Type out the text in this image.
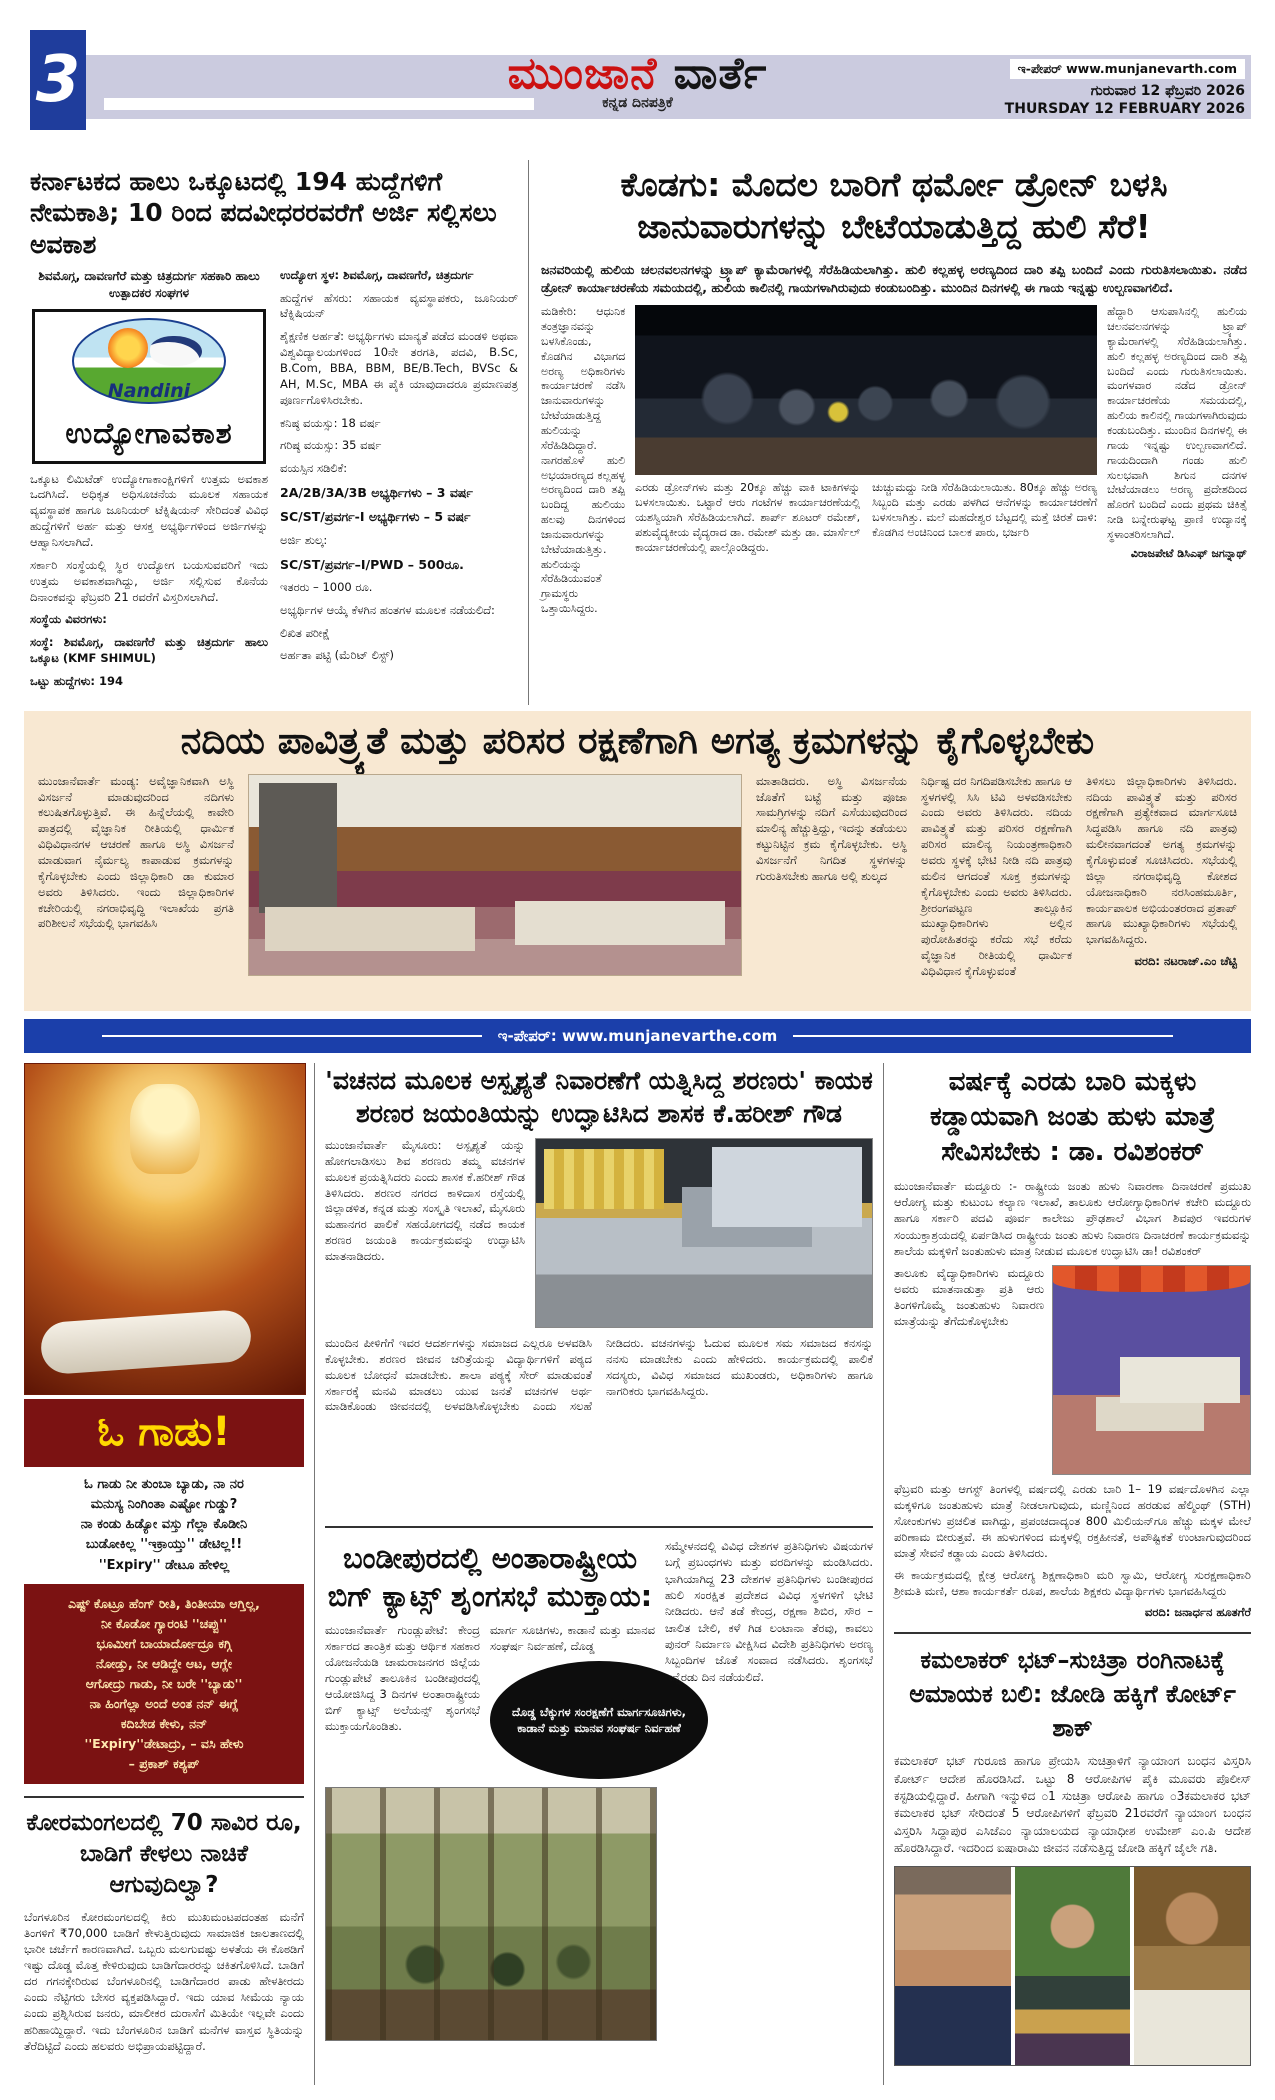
3	ಮುಂಜಾನೆ ವಾರ್ತೆ
ಕನ್ನಡ ದಿನಪತ್ರಿಕೆ
ಇ-ಪೇಪರ್ www.munjanevarth.com
ಗುರುವಾರ 12 ಫೆಬ್ರವರಿ 2026
THURSDAY 12 FEBRUARY 2026
ಕರ್ನಾಟಕದ ಹಾಲು ಒಕ್ಕೂಟದಲ್ಲಿ 194 ಹುದ್ದೆಗಳಿಗೆ ನೇಮಕಾತಿ; 10 ರಿಂದ ಪದವೀಧರರವರೆಗೆ ಅರ್ಜಿ ಸಲ್ಲಿಸಲು ಅವಕಾಶ
ಶಿವಮೊಗ್ಗ, ದಾವಣಗೆರೆ ಮತ್ತು ಚಿತ್ರದುರ್ಗ ಸಹಕಾರಿ ಹಾಲು ಉತ್ಪಾದಕರ ಸಂಘಗಳ
Nandini
ಉದ್ಯೋಗಾವಕಾಶ

ಒಕ್ಕೂಟ ಲಿಮಿಟೆಡ್ ಉದ್ಯೋಗಾಕಾಂಕ್ಷಿಗಳಿಗೆ ಉತ್ತಮ ಅವಕಾಶ ಒದಗಿಸಿದೆ. ಅಧಿಕೃತ ಅಧಿಸೂಚನೆಯ ಮೂಲಕ ಸಹಾಯಕ ವ್ಯವಸ್ಥಾಪಕ ಹಾಗೂ ಜೂನಿಯರ್ ಟೆಕ್ನಿಷಿಯನ್ ಸೇರಿದಂತೆ ವಿವಿಧ ಹುದ್ದೆಗಳಿಗೆ ಅರ್ಹ ಮತ್ತು ಆಸಕ್ತ ಅಭ್ಯರ್ಥಿಗಳಿಂದ ಅರ್ಜಿಗಳನ್ನು ಆಹ್ವಾನಿಸಲಾಗಿದೆ.

ಸರ್ಕಾರಿ ಸಂಸ್ಥೆಯಲ್ಲಿ ಸ್ಥಿರ ಉದ್ಯೋಗ ಬಯಸುವವರಿಗೆ ಇದು ಉತ್ತಮ ಅವಕಾಶವಾಗಿದ್ದು, ಅರ್ಜಿ ಸಲ್ಲಿಸುವ ಕೊನೆಯ ದಿನಾಂಕವನ್ನು ಫೆಬ್ರವರಿ 21 ರವರೆಗೆ ವಿಸ್ತರಿಸಲಾಗಿದೆ.

ಸಂಸ್ಥೆಯ ವಿವರಗಳು:

ಸಂಸ್ಥೆ: ಶಿವಮೊಗ್ಗ, ದಾವಣಗೆರೆ ಮತ್ತು ಚಿತ್ರದುರ್ಗ ಹಾಲು ಒಕ್ಕೂಟ (KMF SHIMUL)

ಒಟ್ಟು ಹುದ್ದೆಗಳು: 194

ಉದ್ಯೋಗ ಸ್ಥಳ: ಶಿವಮೊಗ್ಗ, ದಾವಣಗೆರೆ, ಚಿತ್ರದುರ್ಗ

ಹುದ್ದೆಗಳ ಹೆಸರು: ಸಹಾಯಕ ವ್ಯವಸ್ಥಾಪಕರು, ಜೂನಿಯರ್ ಟೆಕ್ನಿಷಿಯನ್

ಶೈಕ್ಷಣಿಕ ಅರ್ಹತೆ: ಅಭ್ಯರ್ಥಿಗಳು ಮಾನ್ಯತೆ ಪಡೆದ ಮಂಡಳಿ ಅಥವಾ ವಿಶ್ವವಿದ್ಯಾಲಯಗಳಿಂದ 10ನೇ ತರಗತಿ, ಪದವಿ, B.Sc, B.Com, BBA, BBM, BE/B.Tech, BVSc & AH, M.Sc, MBA ಈ ಪೈಕಿ ಯಾವುದಾದರೂ ಪ್ರಮಾಣಪತ್ರ ಪೂರ್ಣಗೊಳಿಸಿರಬೇಕು.

ಕನಿಷ್ಠ ವಯಸ್ಸು: 18 ವರ್ಷ

ಗರಿಷ್ಠ ವಯಸ್ಸು: 35 ವರ್ಷ

ವಯಸ್ಸಿನ ಸಡಿಲಿಕೆ:

2A/2B/3A/3B ಅಭ್ಯರ್ಥಿಗಳು – 3 ವರ್ಷ

SC/ST/ಪ್ರವರ್ಗ-I ಅಭ್ಯರ್ಥಿಗಳು – 5 ವರ್ಷ

ಅರ್ಜಿ ಶುಲ್ಕ:

SC/ST/ಪ್ರವರ್ಗ–I/PWD – 500ರೂ.

ಇತರರು – 1000 ರೂ.

ಅಭ್ಯರ್ಥಿಗಳ ಆಯ್ಕೆ ಕೆಳಗಿನ ಹಂತಗಳ ಮೂಲಕ ನಡೆಯಲಿದೆ:

ಲಿಖಿತ ಪರೀಕ್ಷೆ

ಅರ್ಹತಾ ಪಟ್ಟಿ (ಮೆರಿಟ್ ಲಿಸ್ಟ್)

ಕೊಡಗು: ಮೊದಲ ಬಾರಿಗೆ ಥರ್ಮೋ ಡ್ರೋನ್ ಬಳಸಿ ಜಾನುವಾರುಗಳನ್ನು ಬೇಟೆಯಾಡುತ್ತಿದ್ದ ಹುಲಿ ಸೆರೆ!

ಜನವರಿಯಲ್ಲಿ ಹುಲಿಯ ಚಲನವಲನಗಳನ್ನು ಟ್ರ್ಯಾಪ್ ಕ್ಯಾಮೆರಾಗಳಲ್ಲಿ ಸೆರೆಹಿಡಿಯಲಾಗಿತ್ತು. ಹುಲಿ ಕಲ್ಲಹಳ್ಳ ಅರಣ್ಯದಿಂದ ದಾರಿ ತಪ್ಪಿ ಬಂದಿದೆ ಎಂದು ಗುರುತಿಸಲಾಯಿತು. ನಡೆದ ಡ್ರೋನ್ ಕಾರ್ಯಾಚರಣೆಯ ಸಮಯದಲ್ಲಿ, ಹುಲಿಯ ಕಾಲಿನಲ್ಲಿ ಗಾಯಗಳಾಗಿರುವುದು ಕಂಡುಬಂದಿತ್ತು. ಮುಂದಿನ ದಿನಗಳಲ್ಲಿ ಈ ಗಾಯ ಇನ್ನಷ್ಟು ಉಲ್ಬಣವಾಗಲಿದೆ.

ಮಡಿಕೇರಿ: ಆಧುನಿಕ ತಂತ್ರಜ್ಞಾನವನ್ನು ಬಳಸಿಕೊಂಡು, ಕೊಡಗಿನ ವಿಭಾಗದ ಅರಣ್ಯ ಅಧಿಕಾರಿಗಳು ಕಾರ್ಯಾಚರಣೆ ನಡೆಸಿ ಜಾನುವಾರುಗಳನ್ನು ಬೇಟೆಯಾಡುತ್ತಿದ್ದ ಹುಲಿಯನ್ನು ಸೆರೆಹಿಡಿದಿದ್ದಾರೆ. ನಾಗರಹೊಳೆ ಹುಲಿ ಅಭಯಾರಣ್ಯದ ಕಲ್ಲಹಳ್ಳ ಅರಣ್ಯದಿಂದ ದಾರಿ ತಪ್ಪಿ ಬಂದಿದ್ದ ಹುಲಿಯು ಹಲವು ದಿನಗಳಿಂದ ಜಾನುವಾರುಗಳನ್ನು ಬೇಟೆಯಾಡುತ್ತಿತ್ತು. ಹುಲಿಯನ್ನು ಸೆರೆಹಿಡಿಯುವಂತೆ ಗ್ರಾಮಸ್ಥರು ಒತ್ತಾಯಿಸಿದ್ದರು.
ಎರಡು ಡ್ರೋನ್‌ಗಳು ಮತ್ತು 20ಕ್ಕೂ ಹೆಚ್ಚು ವಾಕಿ ಟಾಕಿಗಳನ್ನು ಬಳಸಲಾಯಿತು. ಒಟ್ಟಾರೆ ಆರು ಗಂಟೆಗಳ ಕಾರ್ಯಾಚರಣೆಯಲ್ಲಿ ಯಶಸ್ವಿಯಾಗಿ ಸೆರೆಹಿಡಿಯಲಾಗಿದೆ. ಶಾರ್ಪ್ ಶೂಟರ್ ರಮೇಶ್, ಪಶುವೈದ್ಯಕೀಯ ವೈದ್ಯರಾದ ಡಾ. ರಮೇಶ್ ಮತ್ತು ಡಾ. ಮಾರ್ಸೆಲ್ ಕಾರ್ಯಾಚರಣೆಯಲ್ಲಿ ಪಾಲ್ಗೊಂಡಿದ್ದರು.
ಚುಚ್ಚುಮದ್ದು ನೀಡಿ ಸೆರೆಹಿಡಿಯಲಾಯಿತು. 80ಕ್ಕೂ ಹೆಚ್ಚು ಅರಣ್ಯ ಸಿಬ್ಬಂದಿ ಮತ್ತು ಎರಡು ಪಳಗಿದ ಆನೆಗಳನ್ನು ಕಾರ್ಯಾಚರಣೆಗೆ ಬಳಸಲಾಗಿತ್ತು. ಮಲೆ ಮಹದೇಶ್ವರ ಬೆಟ್ಟದಲ್ಲಿ ಮತ್ತೆ ಚಿರತೆ ದಾಳಿ: ಕೊಡಗಿನ ಅಂಚಿನಿಂದ ಬಾಲಕ ಪಾರು, ಭರ್ಜರಿ
ಹೆದ್ದಾರಿ ಆಸುಪಾಸಿನಲ್ಲಿ ಹುಲಿಯ ಚಲನವಲನಗಳನ್ನು ಟ್ರ್ಯಾಪ್ ಕ್ಯಾಮೆರಾಗಳಲ್ಲಿ ಸೆರೆಹಿಡಿಯಲಾಗಿತ್ತು. ಹುಲಿ ಕಲ್ಲಹಳ್ಳ ಅರಣ್ಯದಿಂದ ದಾರಿ ತಪ್ಪಿ ಬಂದಿದೆ ಎಂದು ಗುರುತಿಸಲಾಯಿತು. ಮಂಗಳವಾರ ನಡೆದ ಡ್ರೋನ್ ಕಾರ್ಯಾಚರಣೆಯ ಸಮಯದಲ್ಲಿ, ಹುಲಿಯ ಕಾಲಿನಲ್ಲಿ ಗಾಯಗಳಾಗಿರುವುದು ಕಂಡುಬಂದಿತ್ತು. ಮುಂದಿನ ದಿನಗಳಲ್ಲಿ ಈ ಗಾಯ ಇನ್ನಷ್ಟು ಉಲ್ಬಣವಾಗಲಿದೆ. ಗಾಯದಿಂದಾಗಿ ಗಂಡು ಹುಲಿ ಸುಲಭವಾಗಿ ಶಿಗುನ ದನಗಳ ಬೇಟೆಯಾಡಲು ಅರಣ್ಯ ಪ್ರದೇಶದಿಂದ ಹೊರಗೆ ಬಂದಿದೆ ಎಂದು ಪ್ರಥಮ ಚಿಕಿತ್ಸೆ ನೀಡಿ ಬನ್ನೇರುಘಟ್ಟ ಪ್ರಾಣಿ ಉದ್ಯಾನಕ್ಕೆ ಸ್ಥಳಾಂತರಿಸಲಾಗಿದೆ.
ವಿರಾಜಪೇಟೆ ಡಿಸಿಎಫ್ ಜಗನ್ನಾಥ್
ನದಿಯ ಪಾವಿತ್ರ್ಯತೆ ಮತ್ತು ಪರಿಸರ ರಕ್ಷಣೆಗಾಗಿ ಅಗತ್ಯ ಕ್ರಮಗಳನ್ನು ಕೈಗೊಳ್ಳಬೇಕು
ಮುಂಜಾನೆವಾರ್ತೆ ಮಂಡ್ಯ: ಅವೈಜ್ಞಾನಿಕವಾಗಿ ಅಸ್ಥಿ ವಿಸರ್ಜನೆ ಮಾಡುವುದರಿಂದ ನದಿಗಳು ಕಲುಷಿತಗೊಳ್ಳುತ್ತಿವೆ. ಈ ಹಿನ್ನೆಲೆಯಲ್ಲಿ ಕಾವೇರಿ ಪಾತ್ರದಲ್ಲಿ ವೈಜ್ಞಾನಿಕ ರೀತಿಯಲ್ಲಿ ಧಾರ್ಮಿಕ ವಿಧಿವಿಧಾನಗಳ ಆಚರಣೆ ಹಾಗೂ ಅಸ್ಥಿ ವಿಸರ್ಜನೆ ಮಾಡುವಾಗ ನೈರ್ಮಲ್ಯ ಕಾಪಾಡುವ ಕ್ರಮಗಳನ್ನು ಕೈಗೊಳ್ಳಬೇಕು ಎಂದು ಜಿಲ್ಲಾಧಿಕಾರಿ ಡಾ ಕುಮಾರ ಅವರು ತಿಳಿಸಿದರು. ಇಂದು ಜಿಲ್ಲಾಧಿಕಾರಿಗಳ ಕಚೇರಿಯಲ್ಲಿ ನಗರಾಭಿವೃದ್ಧಿ ಇಲಾಖೆಯ ಪ್ರಗತಿ ಪರಿಶೀಲನೆ ಸಭೆಯಲ್ಲಿ ಭಾಗವಹಿಸಿ
ಮಾತಾಡಿದರು. ಅಸ್ಥಿ ವಿಸರ್ಜನೆಯ ಜೊತೆಗೆ ಬಟ್ಟೆ ಮತ್ತು ಪೂಜಾ ಸಾಮಗ್ರಿಗಳನ್ನು ನದಿಗೆ ಎಸೆಯುವುದರಿಂದ ಮಾಲಿನ್ಯ ಹೆಚ್ಚುತ್ತಿದ್ದು, ಇದನ್ನು ತಡೆಯಲು ಕಟ್ಟುನಿಟ್ಟಿನ ಕ್ರಮ ಕೈಗೊಳ್ಳಬೇಕು. ಅಸ್ಥಿ ವಿಸರ್ಜನೆಗೆ ನಿಗದಿತ ಸ್ಥಳಗಳನ್ನು ಗುರುತಿಸಬೇಕು ಹಾಗೂ ಅಲ್ಲಿ ಶುಲ್ಕದ
ನಿರ್ಧಿಷ್ಟ ದರ ನಿಗದಿಪಡಿಸಬೇಕು ಹಾಗೂ ಆ ಸ್ಥಳಗಳಲ್ಲಿ ಸಿಸಿ ಟಿವಿ ಅಳವಡಿಸಬೇಕು ಎಂದು ಅವರು ತಿಳಿಸಿದರು. ನದಿಯ ಪಾವಿತ್ರ್ಯತೆ ಮತ್ತು ಪರಿಸರ ರಕ್ಷಣೆಗಾಗಿ ಪರಿಸರ ಮಾಲಿನ್ಯ ನಿಯಂತ್ರಣಾಧಿಕಾರಿ ಅವರು ಸ್ಥಳಕ್ಕೆ ಭೇಟಿ ನೀಡಿ ನದಿ ಪಾತ್ರವು ಮಲಿನ ಆಗದಂತೆ ಸೂಕ್ತ ಕ್ರಮಗಳನ್ನು ಕೈಗೊಳ್ಳಬೇಕು ಎಂದು ಅವರು ತಿಳಿಸಿದರು. ಶ್ರೀರಂಗಪಟ್ಟಣ ತಾಲ್ಲೂಕಿನ ಮುಖ್ಯಾಧಿಕಾರಿಗಳು ಅಲ್ಲಿನ ಪುರೋಹಿತರನ್ನು ಕರೆದು ಸಭೆ ಕರೆದು ವೈಜ್ಞಾನಿಕ ರೀತಿಯಲ್ಲಿ ಧಾರ್ಮಿಕ ವಿಧಿವಿಧಾನ ಕೈಗೊಳ್ಳುವಂತೆ
ತಿಳಿಸಲು ಜಿಲ್ಲಾಧಿಕಾರಿಗಳು ತಿಳಿಸಿದರು. ನದಿಯ ಪಾವಿತ್ರ್ಯತೆ ಮತ್ತು ಪರಿಸರ ರಕ್ಷಣೆಗಾಗಿ ಪ್ರತ್ಯೇಕವಾದ ಮಾರ್ಗಸೂಚಿ ಸಿದ್ಧಪಡಿಸಿ ಹಾಗೂ ನದಿ ಪಾತ್ರವು ಮಲೀನವಾಗದಂತೆ ಅಗತ್ಯ ಕ್ರಮಗಳನ್ನು ಕೈಗೊಳ್ಳುವಂತೆ ಸೂಚಿಸಿದರು. ಸಭೆಯಲ್ಲಿ ಜಿಲ್ಲಾ ನಗರಾಭಿವೃದ್ಧಿ ಕೋಶದ ಯೋಜನಾಧಿಕಾರಿ ನರಸಿಂಹಮೂರ್ತಿ, ಕಾರ್ಯಪಾಲಕ ಅಭಿಯಂತರರಾದ ಪ್ರತಾಪ್ ಹಾಗೂ ಮುಖ್ಯಾಧಿಕಾರಿಗಳು ಸಭೆಯಲ್ಲಿ ಭಾಗವಹಿಸಿದ್ದರು.
ವರದಿ: ನಟರಾಜ್.ಎಂ ಚೆಟ್ಟಿ
ಇ-ಪೇಪರ್: www.munjanevarthe.com
ಓ ಗಾಡು!
ಓ ಗಾಡು ನೀ ತುಂಬಾ ಬ್ಯಾಡು, ನಾ ನರ
ಮನುಸ್ಯ ನಿಂಗಿಂತಾ ಎಷ್ಟೋ ಗುಡ್ಡು?
ನಾ ಕಂಡು ಹಿಡ್ಯೋ ವಸ್ತು ಗೆಲ್ಲಾ ಕೊಡೀನಿ
ಬುಡೋಕಿಲ್ಲ ''ಇಕ್ರಾಯ್ತು'' ಡೇಟಿಲ್ಲ!!
''Expiry'' ಡೇಟೂ ಹೇಳಿಲ್ಲ
ಎಷ್ಟ್ ಕೊಟ್ರೂ ಹೆಂಗ್ ರೀತಿ, ತಿಂತೀಯಾ ಆಗ್ತಿಲ್ಲ,
ನೀ ಕೊಡೋ ಗ್ಯಾರಂಟಿ ''ಚಪ್ಪು''
ಭೂಮೀಗೆ ಬಾಯಾರ್ದೋದ್ರೂ ಕಗ್ಗಿ
ನೋಡ್ತು, ನೀ ಆಡಿದ್ದೇ ಆಟ, ಆಗ್ಲೇ
ಆಗೋದ್ರು ಗಾಡು, ನೀ ಬರೇ ''ಬ್ಯಾಡು''
ನಾ ಹಿಂಗೆಲ್ಲಾ ಅಂದೆ ಅಂತ ನನ್ ಈಗ್ಲೆ
ಕದಿಬೇಡ ಕೇಳು, ನನ್
''Expiry''ಡೇಟಾದ್ರು, – ವಸಿ ಹೇಳು
– ಪ್ರಕಾಶ್ ಕಶ್ಯಪ್
ಕೋರಮಂಗಲದಲ್ಲಿ 70 ಸಾವಿರ ರೂ, ಬಾಡಿಗೆ ಕೇಳಲು ನಾಚಿಕೆ ಆಗುವುದಿಲ್ವಾ?

ಬೆಂಗಳೂರಿನ ಕೋರಮಂಗಲದಲ್ಲಿ ಕಿರು ಮುಖಮಂಟಪದಂತಹ ಮನೆಗೆ ತಿಂಗಳಿಗೆ ₹70,000 ಬಾಡಿಗೆ ಕೇಳುತ್ತಿರುವುದು ಸಾಮಾಜಿಕ ಜಾಲತಾಣದಲ್ಲಿ ಭಾರೀ ಚರ್ಚೆಗೆ ಕಾರಣವಾಗಿದೆ. ಒಬ್ಬರು ಮಲಗುವಷ್ಟು ಅಳತೆಯ ಈ ಕೊಠಡಿಗೆ ಇಷ್ಟು ದೊಡ್ಡ ಮೊತ್ತ ಕೇಳಿರುವುದು ಬಾಡಿಗೆದಾರರನ್ನು ಚಕಿತಗೊಳಿಸಿದೆ. ಬಾಡಿಗೆ ದರ ಗಗನಕ್ಕೇರಿರುವ ಬೆಂಗಳೂರಿನಲ್ಲಿ ಬಾಡಿಗೆದಾರರ ಪಾಡು ಹೇಳತೀರದು ಎಂದು ನೆಟ್ಟಿಗರು ಬೇಸರ ವ್ಯಕ್ತಪಡಿಸಿದ್ದಾರೆ. ಇದು ಯಾವ ಸೀಮೆಯ ನ್ಯಾಯ ಎಂದು ಪ್ರಶ್ನಿಸಿರುವ ಜನರು, ಮಾಲೀಕರ ದುರಾಸೆಗೆ ಮಿತಿಯೇ ಇಲ್ಲವೇ ಎಂದು ಹರಿಹಾಯ್ದಿದ್ದಾರೆ. ಇದು ಬೆಂಗಳೂರಿನ ಬಾಡಿಗೆ ಮನೆಗಳ ವಾಸ್ತವ ಸ್ಥಿತಿಯನ್ನು ತೆರೆದಿಟ್ಟಿದೆ ಎಂದು ಹಲವರು ಅಭಿಪ್ರಾಯಪಟ್ಟಿದ್ದಾರೆ.

'ವಚನದ ಮೂಲಕ ಅಸ್ಪೃಶ್ಯತೆ ನಿವಾರಣೆಗೆ ಯತ್ನಿಸಿದ್ದ ಶರಣರು' ಕಾಯಕ ಶರಣರ ಜಯಂತಿಯನ್ನು ಉದ್ಘಾಟಿಸಿದ ಶಾಸಕ ಕೆ.ಹರೀಶ್ ಗೌಡ
ಮುಂಜಾನೆವಾರ್ತೆ ಮೈಸೂರು: ಅಸ್ಪೃಶ್ಯತೆ ಯನ್ನು ಹೋಗಲಾಡಿಸಲು ಶಿವ ಶರಣರು ತಮ್ಮ ವಚನಗಳ ಮೂಲಕ ಪ್ರಯತ್ನಿಸಿದರು ಎಂದು ಶಾಸಕ ಕೆ.ಹರೀಶ್ ಗೌಡ ತಿಳಿಸಿದರು. ಶರಣರ ನಗರದ ಕಾಳಿದಾಸ ರಸ್ತೆಯಲ್ಲಿ ಜಿಲ್ಲಾಡಳಿತ, ಕನ್ನಡ ಮತ್ತು ಸಂಸ್ಕೃತಿ ಇಲಾಖೆ, ಮೈಸೂರು ಮಹಾನಗರ ಪಾಲಿಕೆ ಸಹಯೋಗದಲ್ಲಿ ನಡೆದ ಕಾಯಕ ಶರಣರ ಜಯಂತಿ ಕಾರ್ಯಕ್ರಮವನ್ನು ಉದ್ಘಾಟಿಸಿ ಮಾತನಾಡಿದರು.
ಮುಂದಿನ ಪೀಳಿಗೆಗೆ ಇವರ ಆದರ್ಶಗಳನ್ನು ಸಮಾಜದ ಎಲ್ಲರೂ ಅಳವಡಿಸಿ ಕೊಳ್ಳಬೇಕು. ಶರಣರ ಜೀವನ ಚರಿತ್ರೆಯನ್ನು ವಿದ್ಯಾರ್ಥಿಗಳಿಗೆ ಪಠ್ಯದ ಮೂಲಕ ಬೋಧನೆ ಮಾಡಬೇಕು. ಶಾಲಾ ಪಠ್ಯಕ್ಕೆ ಸೇರ್ ಮಾಡುವಂತೆ ಸರ್ಕಾರಕ್ಕೆ ಮನವಿ ಮಾಡಲು ಯುವ ಜನತೆ ವಚನಗಳ ಅರ್ಥ ಮಾಡಿಕೊಂಡು ಜೀವನದಲ್ಲಿ ಅಳವಡಿಸಿಕೊಳ್ಳಬೇಕು ಎಂದು ಸಲಹೆ ನೀಡಿದರು. ವಚನಗಳನ್ನು ಓದುವ ಮೂಲಕ ಸಮ ಸಮಾಜದ ಕನಸನ್ನು ನನಸು ಮಾಡಬೇಕು ಎಂದು ಹೇಳಿದರು. ಕಾರ್ಯಕ್ರಮದಲ್ಲಿ ಪಾಲಿಕೆ ಸದಸ್ಯರು, ವಿವಿಧ ಸಮಾಜದ ಮುಖಂಡರು, ಅಧಿಕಾರಿಗಳು ಹಾಗೂ ನಾಗರಿಕರು ಭಾಗವಹಿಸಿದ್ದರು.
ಬಂಡೀಪುರದಲ್ಲಿ ಅಂತಾರಾಷ್ಟ್ರೀಯ ಬಿಗ್ ಕ್ಯಾಟ್ಸ್ ಶೃಂಗಸಭೆ ಮುಕ್ತಾಯ:
ಮುಂಜಾನೆವಾರ್ತೆ ಗುಂಡ್ಲುಪೇಟೆ: ಕೇಂದ್ರ ಸರ್ಕಾರದ ತಾಂತ್ರಿಕ ಮತ್ತು ಆರ್ಥಿಕ ಸಹಕಾರ ಯೋಜನೆಯಡಿ ಚಾಮರಾಜನಗರ ಜಿಲ್ಲೆಯ ಗುಂಡ್ಲುಪೇಟೆ ತಾಲೂಕಿನ ಬಂಡೀಪುರದಲ್ಲಿ ಆಯೋಜಿಸಿದ್ದ 3 ದಿನಗಳ ಅಂತಾರಾಷ್ಟ್ರೀಯ ಬಿಗ್ ಕ್ಯಾಟ್ಸ್ ಅಲೆಯನ್ಸ್ ಶೃಂಗಸಭೆ ಮುಕ್ತಾಯಗೊಂಡಿತು.
ಮಾರ್ಗ ಸೂಚಿಗಳು, ಕಾಡಾನೆ ಮತ್ತು ಮಾನವ ಸಂಘರ್ಷ ನಿರ್ವಹಣೆ, ದೊಡ್ಡ
ದೊಡ್ಡ ಬೆಕ್ಕುಗಳ ಸಂರಕ್ಷಣೆಗೆ ಮಾರ್ಗಸೂಚಿಗಳು, ಕಾಡಾನೆ ಮತ್ತು ಮಾನವ ಸಂಘರ್ಷ ನಿರ್ವಹಣೆ
ಸಮ್ಮೇಳನದಲ್ಲಿ ವಿವಿಧ ದೇಶಗಳ ಪ್ರತಿನಿಧಿಗಳು ವಿಷಯಗಳ ಬಗ್ಗೆ ಪ್ರಬಂಧಗಳು ಮತ್ತು ವರದಿಗಳನ್ನು ಮಂಡಿಸಿದರು. ಭಾಗಿಯಾಗಿದ್ದ 23 ದೇಶಗಳ ಪ್ರತಿನಿಧಿಗಳು ಬಂಡೀಪುರದ ಹುಲಿ ಸಂರಕ್ಷಿತ ಪ್ರದೇಶದ ವಿವಿಧ ಸ್ಥಳಗಳಿಗೆ ಭೇಟಿ ನೀಡಿದರು. ಆನೆ ತಡೆ ಕೇಂದ್ರ, ರಕ್ಷಣಾ ಶಿಬಿರ, ಸೌರ – ಚಾಲಿತ ಬೇಲಿ, ಕಳೆ ಗಿಡ ಲಂಟಾನಾ ತೆರವು, ಕಾವಲು ಪುನರ್ ನಿರ್ಮಾಣ ವೀಕ್ಷಿಸಿದ ವಿದೇಶಿ ಪ್ರತಿನಿಧಿಗಳು ಅರಣ್ಯ ಸಿಬ್ಬಂದಿಗಳ ಜೊತೆ ಸಂವಾದ ನಡೆಸಿದರು. ಶೃಂಗಸಭೆ ಇನ್ನೆರಡು ದಿನ ನಡೆಯಲಿದೆ.
ವರ್ಷಕ್ಕೆ ಎರಡು ಬಾರಿ ಮಕ್ಕಳು ಕಡ್ಡಾಯವಾಗಿ ಜಂತು ಹುಳು ಮಾತ್ರೆ ಸೇವಿಸಬೇಕು : ಡಾ. ರವಿಶಂಕರ್

ಮುಂಜಾನೆವಾರ್ತೆ ಮದ್ದೂರು :- ರಾಷ್ಟ್ರೀಯ ಜಂತು ಹುಳು ನಿವಾರಣಾ ದಿನಾಚರಣೆ ಪ್ರಮುಖ ಆರೋಗ್ಯ ಮತ್ತು ಕುಟುಂಬ ಕಲ್ಯಾಣ ಇಲಾಖೆ, ತಾಲೂಕು ಆರೋಗ್ಯಾಧಿಕಾರಿಗಳ ಕಚೇರಿ ಮದ್ದೂರು ಹಾಗೂ ಸರ್ಕಾರಿ ಪದವಿ ಪೂರ್ವ ಕಾಲೇಜು ಪ್ರೌಢಶಾಲೆ ವಿಭಾಗ ಶಿವಪುರ ಇವರುಗಳ ಸಂಯುಕ್ತಾಶ್ರಯದಲ್ಲಿ ಏರ್ಪಡಿಸಿದ ರಾಷ್ಟ್ರೀಯ ಜಂತು ಹುಳು ನಿವಾರಣ ದಿನಾಚರಣೆ ಕಾರ್ಯಕ್ರಮವನ್ನು ಶಾಲೆಯ ಮಕ್ಕಳಿಗೆ ಜಂತುಹುಳು ಮಾತ್ರ ನೀಡುವ ಮೂಲಕ ಉದ್ಘಾಟಿಸಿ ಡಾ! ರವಿಶಂಕರ್

ತಾಲೂಕು ವೈದ್ಯಾಧಿಕಾರಿಗಳು ಮದ್ದೂರು ಅವರು ಮಾತನಾಡುತ್ತಾ ಪ್ರತಿ ಆರು ತಿಂಗಳಿಗೊಮ್ಮೆ ಜಂತುಹುಳು ನಿವಾರಣ ಮಾತ್ರೆಯನ್ನು ತೆಗೆದುಕೊಳ್ಳಬೇಕು

ಫೆಬ್ರವರಿ ಮತ್ತು ಆಗಸ್ಟ್ ತಿಂಗಳಲ್ಲಿ ವರ್ಷದಲ್ಲಿ ಎರಡು ಬಾರಿ 1– 19 ವರ್ಷದೊಳಗಿನ ಎಲ್ಲಾ ಮಕ್ಕಳಿಗೂ ಜಂತುಹುಳು ಮಾತ್ರೆ ನೀಡಲಾಗುವುದು, ಮಣ್ಣಿನಿಂದ ಹರಡುವ ಹೆಲ್ಮಿಂಥ್ (STH) ಸೋಂಕುಗಳು ಪ್ರಚಲಿತ ವಾಗಿದ್ದು, ಪ್ರಪಂಚದಾದ್ಯಂತ 800 ಮಿಲಿಯನ್‌ಗೂ ಹೆಚ್ಚು ಮಕ್ಕಳ ಮೇಲೆ ಪರಿಣಾಮ ಬೀರುತ್ತವೆ. ಈ ಹುಳುಗಳಿಂದ ಮಕ್ಕಳಲ್ಲಿ ರಕ್ತಹೀನತೆ, ಅಪೌಷ್ಟಿಕತೆ ಉಂಟಾಗುವುದರಿಂದ ಮಾತ್ರೆ ಸೇವನೆ ಕಡ್ಡಾಯ ಎಂದು ತಿಳಿಸಿದರು.

ಈ ಕಾರ್ಯಕ್ರಮದಲ್ಲಿ ಕ್ಷೇತ್ರ ಆರೋಗ್ಯ ಶಿಕ್ಷಣಾಧಿಕಾರಿ ಮರಿ ಸ್ವಾಮಿ, ಆರೋಗ್ಯ ಸುರಕ್ಷಣಾಧಿಕಾರಿ ಶ್ರೀಮತಿ ಮಣಿ, ಆಶಾ ಕಾರ್ಯಕರ್ತೆ ರೂಪ, ಶಾಲೆಯ ಶಿಕ್ಷಕರು ವಿದ್ಯಾರ್ಥಿಗಳು ಭಾಗವಹಿಸಿದ್ದರು

ವರದಿ: ಜನಾರ್ಧನ ಹೂತಗೆರೆ
ಕಮಲಾಕರ್ ಭಟ್–ಸುಚಿತ್ರಾ ರಂಗಿನಾಟಕ್ಕೆ ಅಮಾಯಕ ಬಲಿ: ಜೋಡಿ ಹಕ್ಕಿಗೆ ಕೋರ್ಟ್ ಶಾಕ್

ಕಮಲಾಕರ್ ಭಟ್ ಗುರೂಜಿ ಹಾಗೂ ಪ್ರೇಯಸಿ ಸುಚಿತ್ರಾಳಿಗೆ ನ್ಯಾಯಾಂಗ ಬಂಧನ ವಿಸ್ತರಿಸಿ ಕೋರ್ಟ್ ಆದೇಶ ಹೊರಡಿಸಿದೆ. ಒಟ್ಟು 8 ಆರೋಪಿಗಳ ಪೈಕಿ ಮೂವರು ಪೊಲೀಸ್ ಕಸ್ಟಡಿಯಲ್ಲಿದ್ದಾರೆ. ಹೀಗಾಗಿ ಇನ್ನುಳಿದ ೦1 ಸುಚಿತ್ರಾ ಆರೋಪಿ ಹಾಗೂ ೦3ಕಮಲಾಕರ ಭಟ್ ಕಮಲಾಕರ ಭಟ್ ಸೇರಿದಂತೆ 5 ಆರೋಪಿಗಳಿಗೆ ಫೆಬ್ರವರಿ 21ರವರೆಗೆ ನ್ಯಾಯಾಂಗ ಬಂಧನ ವಿಸ್ತರಿಸಿ ಸಿದ್ದಾಪುರ ಎಸಿಜೆಎಂ ನ್ಯಾಯಾಲಯದ ನ್ಯಾಯಾಧೀಶ ಉಮೇಶ್ ಎಂ.ಪಿ ಆದೇಶ ಹೊರಡಿಸಿದ್ದಾರೆ. ಇದರಿಂದ ಐಷಾರಾಮಿ ಜೀವನ ನಡೆಸುತ್ತಿದ್ದ ಜೋಡಿ ಹಕ್ಕಿಗೆ ಜೈಲೇ ಗತಿ.
